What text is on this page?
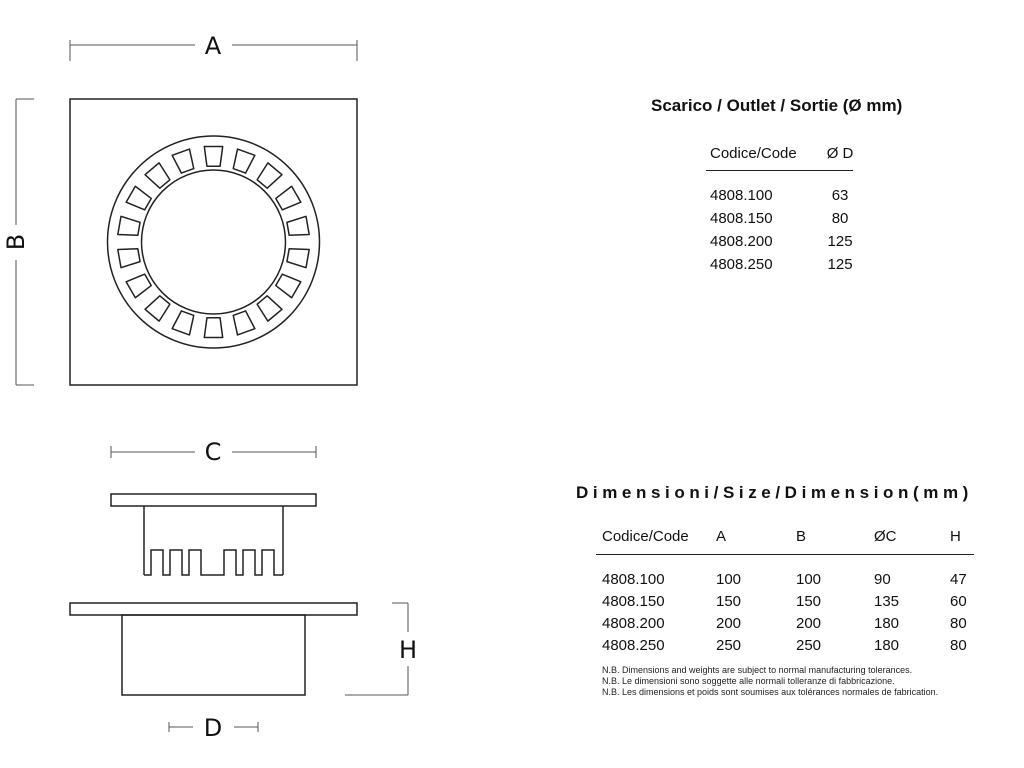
A
B
C
H
D
Scarico / Outlet / Sortie (Ø mm)
Codice/Code	Ø D
4808.100	63
4808.150	80
4808.200	125
4808.250	125
Dimensioni/Size/Dimension(mm)
Codice/Code	A	B	ØC	H
4808.100	100	100	90	47
4808.150	150	150	135	60
4808.200	200	200	180	80
4808.250	250	250	180	80
N.B. Dimensions and weights are subject to normal manufacturing tolerances.
N.B. Le dimensioni sono soggette alle normali tolleranze di fabbricazione.
N.B. Les dimensions et poids sont soumises aux tolérances normales de fabrication.
